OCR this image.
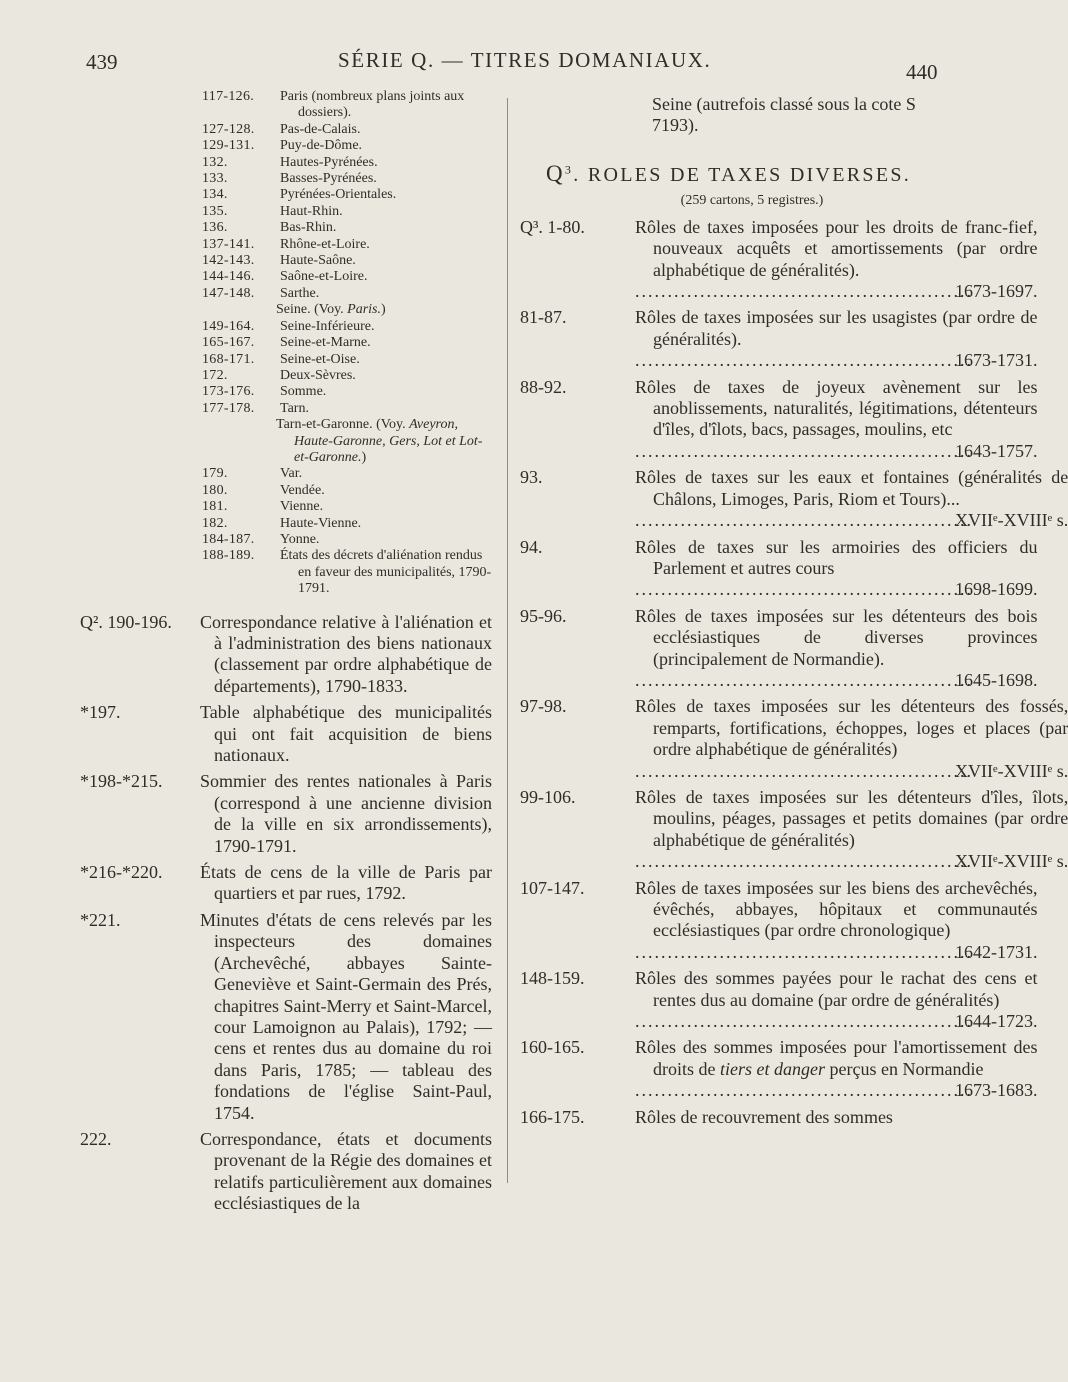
439	SÉRIE Q. — TITRES DOMANIAUX.	440
117-126.	Paris (nombreux plans joints aux dossiers).
127-128.	Pas-de-Calais.
129-131.	Puy-de-Dôme.
132.	Hautes-Pyrénées.
133.	Basses-Pyrénées.
134.	Pyrénées-Orientales.
135.	Haut-Rhin.
136.	Bas-Rhin.
137-141.	Rhône-et-Loire.
142-143.	Haute-Saône.
144-146.	Saône-et-Loire.
147-148.	Sarthe.
Seine. (Voy. Paris.)
149-164.	Seine-Inférieure.
165-167.	Seine-et-Marne.
168-171.	Seine-et-Oise.
172.	Deux-Sèvres.
173-176.	Somme.
177-178.	Tarn.
Tarn-et-Garonne. (Voy. Aveyron, Haute-Garonne, Gers, Lot et Lot-et-Garonne.)
179.	Var.
180.	Vendée.
181.	Vienne.
182.	Haute-Vienne.
184-187.	Yonne.
188-189.	États des décrets d'aliénation rendus en faveur des municipalités, 1790-1791.
Q². 190-196.	Correspondance relative à l'aliénation et à l'administration des biens nationaux (classement par ordre alphabétique de départements), 1790-1833.
*197.	Table alphabétique des municipalités qui ont fait acquisition de biens nationaux.
*198-*215.	Sommier des rentes nationales à Paris (correspond à une ancienne division de la ville en six arrondissements), 1790-1791.
*216-*220.	États de cens de la ville de Paris par quartiers et par rues, 1792.
*221.	Minutes d'états de cens relevés par les inspecteurs des domaines (Archevêché, abbayes Sainte-Geneviève et Saint-Germain des Prés, chapitres Saint-Merry et Saint-Marcel, cour Lamoignon au Palais), 1792; — cens et rentes dus au domaine du roi dans Paris, 1785; — tableau des fondations de l'église Saint-Paul, 1754.
222.	Correspondance, états et documents provenant de la Régie des domaines et relatifs particulièrement aux domaines ecclésiastiques de la
Seine (autrefois classé sous la cote S 7193).
$Q^3$. ROLES DE TAXES DIVERSES.
(259 cartons, 5 registres.)
Q³. 1-80.	Rôles de taxes imposées pour les droits de franc-fief, nouveaux acquêts et amortissements (par ordre alphabétique de généralités).
....................................................
1673-1697.
81-87.	Rôles de taxes imposées sur les usagistes (par ordre de généralités).
....................................................
1673-1731.
88-92.	Rôles de taxes de joyeux avènement sur les anoblissements, naturalités, légitimations, détenteurs d'îles, d'îlots, bacs, passages, moulins, etc
....................................................
1643-1757.
93.	Rôles de taxes sur les eaux et fontaines (généralités de Châlons, Limoges, Paris, Riom et Tours)...
....................................................
XVIIᵉ-XVIIIᵉ s.
94.	Rôles de taxes sur les armoiries des officiers du Parlement et autres cours
....................................................
1698-1699.
95-96.	Rôles de taxes imposées sur les détenteurs des bois ecclésiastiques de diverses provinces (principalement de Normandie).
....................................................
1645-1698.
97-98.	Rôles de taxes imposées sur les détenteurs des fossés, remparts, fortifications, échoppes, loges et places (par ordre alphabétique de généralités)
....................................................
XVIIᵉ-XVIIIᵉ s.
99-106.	Rôles de taxes imposées sur les détenteurs d'îles, îlots, moulins, péages, passages et petits domaines (par ordre alphabétique de généralités)
....................................................
XVIIᵉ-XVIIIᵉ s.
107-147.	Rôles de taxes imposées sur les biens des archevêchés, évêchés, abbayes, hôpitaux et communautés ecclésiastiques (par ordre chronologique)
....................................................
1642-1731.
148-159.	Rôles des sommes payées pour le rachat des cens et rentes dus au domaine (par ordre de généralités)
....................................................
1644-1723.
160-165.	Rôles des sommes imposées pour l'amortissement des droits de tiers et danger perçus en Normandie
....................................................
1673-1683.
166-175.	Rôles de recouvrement des sommes
